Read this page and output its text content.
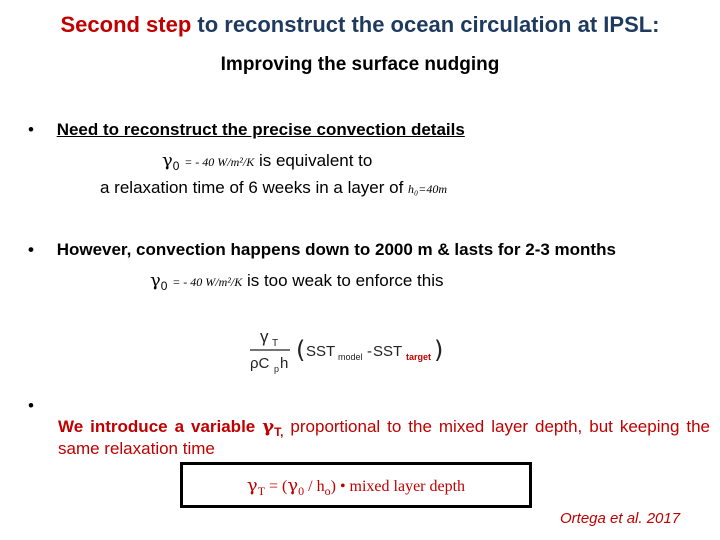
Second step to reconstruct the ocean circulation at IPSL:
Improving the surface nudging
• Need to reconstruct the precise convection details
$\gamma_0$ = - 40 W/m²/K is equivalent to
a relaxation time of 6 weeks in a layer of h₀=40m
• However, convection happens down to 2000 m & lasts for 2-3 months
$\gamma_0$ = - 40 W/m²/K is too weak to enforce this
γ T
ρC p h ( SST model - SST target )
• We introduce a variable $\gamma_{T,}$ proportional to the mixed layer depth, but keeping the same relaxation time
$\gamma_T = (\gamma_0 / h_o)$ • mixed layer depth
Ortega et al. 2017
